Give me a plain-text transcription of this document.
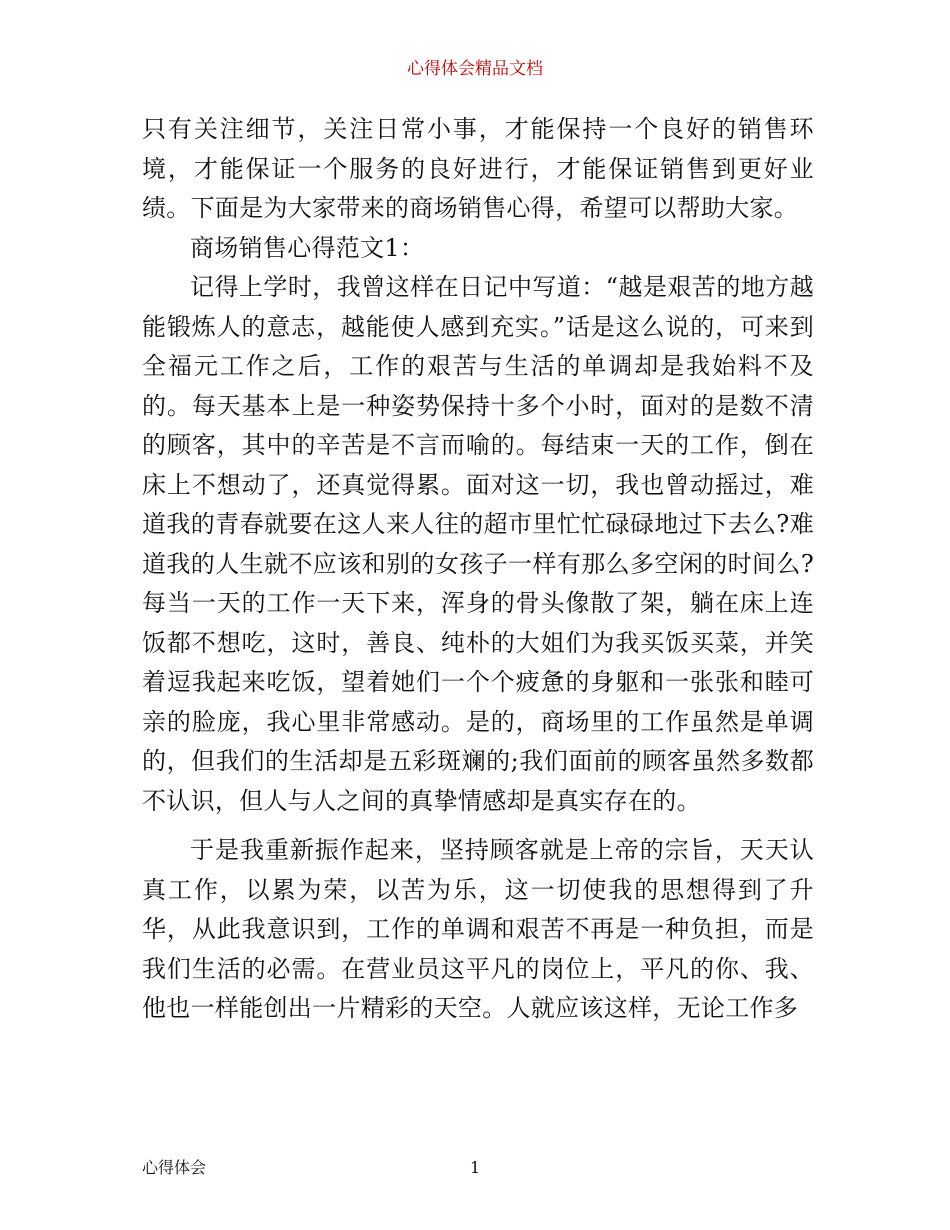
心得体会精品文档

只有关注细节，关注日常小事，才能保持一个良好的销售环境，才能保证一个服务的良好进行，才能保证销售到更好业绩。下面是为大家带来的商场销售心得，希望可以帮助大家。

商场销售心得范文1：

记得上学时，我曾这样在日记中写道：“越是艰苦的地方越能锻炼人的意志，越能使人感到充实。”话是这么说的，可来到全福元工作之后，工作的艰苦与生活的单调却是我始料不及的。每天基本上是一种姿势保持十多个小时，面对的是数不清的顾客，其中的辛苦是不言而喻的。每结束一天的工作，倒在床上不想动了，还真觉得累。面对这一切，我也曾动摇过，难道我的青春就要在这人来人往的超市里忙忙碌碌地过下去么?难道我的人生就不应该和别的女孩子一样有那么多空闲的时间么?每当一天的工作一天下来，浑身的骨头像散了架，躺在床上连饭都不想吃，这时，善良、纯朴的大姐们为我买饭买菜，并笑着逗我起来吃饭，望着她们一个个疲惫的身躯和一张张和睦可亲的脸庞，我心里非常感动。是的，商场里的工作虽然是单调的，但我们的生活却是五彩斑斓的;我们面前的顾客虽然多数都不认识，但人与人之间的真挚情感却是真实存在的。

于是我重新振作起来，坚持顾客就是上帝的宗旨，天天认真工作，以累为荣，以苦为乐，这一切使我的思想得到了升华，从此我意识到，工作的单调和艰苦不再是一种负担，而是我们生活的必需。在营业员这平凡的岗位上，平凡的你、我、他也一样能创出一片精彩的天空。人就应该这样，无论工作多

心得体会	1
